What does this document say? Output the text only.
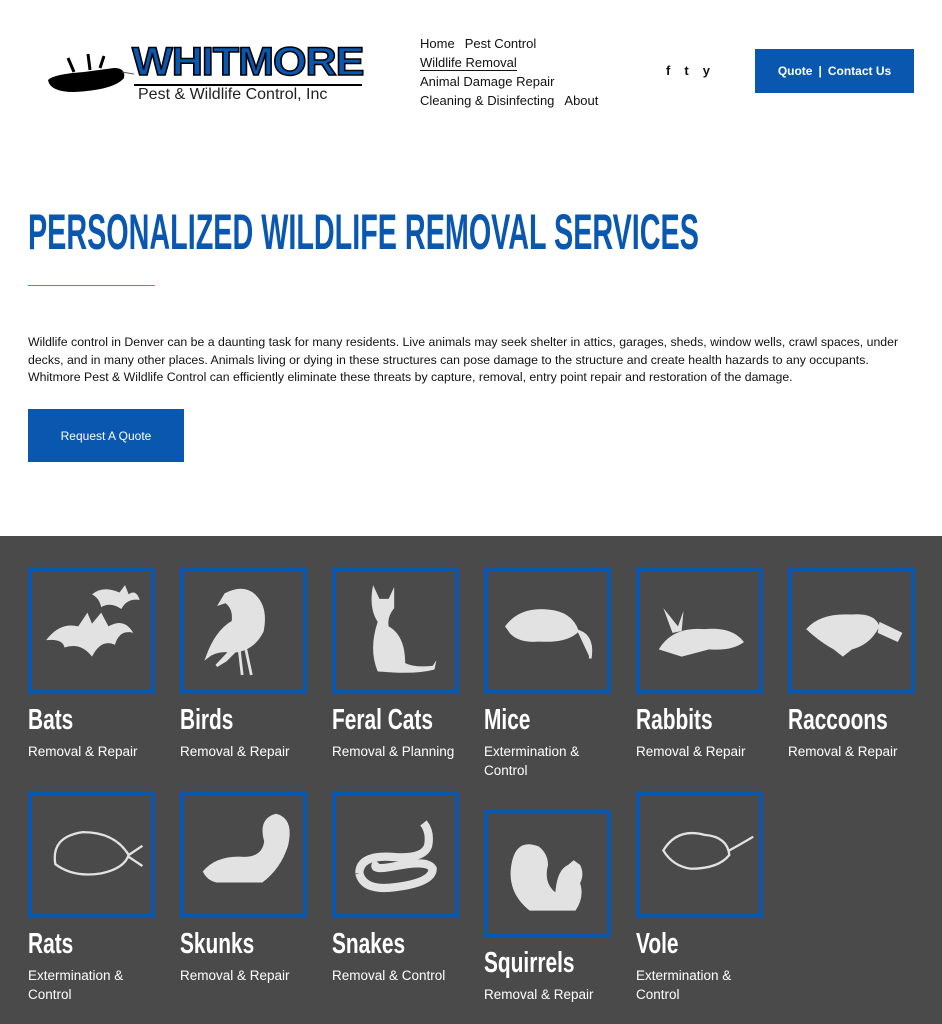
WHITMORE
Pest & Wildlife Control, Inc
Home Pest Control
Wildlife Removal
Animal Damage Repair
Cleaning & Disinfecting About
f t y	Quote | Contact Us
PERSONALIZED WILDLIFE REMOVAL SERVICES

Wildlife control in Denver can be a daunting task for many residents. Live animals may seek shelter in attics, garages, sheds, window wells, crawl spaces, under decks, and in many other places. Animals living or dying in these structures can pose damage to the structure and create health hazards to any occupants. Whitmore Pest & Wildlife Control can efficiently eliminate these threats by capture, removal, entry point repair and restoration of the damage.

Request A Quote
Bats
Removal & Repair
Birds
Removal & Repair
Feral Cats
Removal & Planning
Mice
Extermination & Control
Rabbits
Removal & Repair
Raccoons
Removal & Repair
Rats
Extermination & Control
Skunks
Removal & Repair
Snakes
Removal & Control	Squirrels
Removal & Repair
Vole
Extermination & Control
